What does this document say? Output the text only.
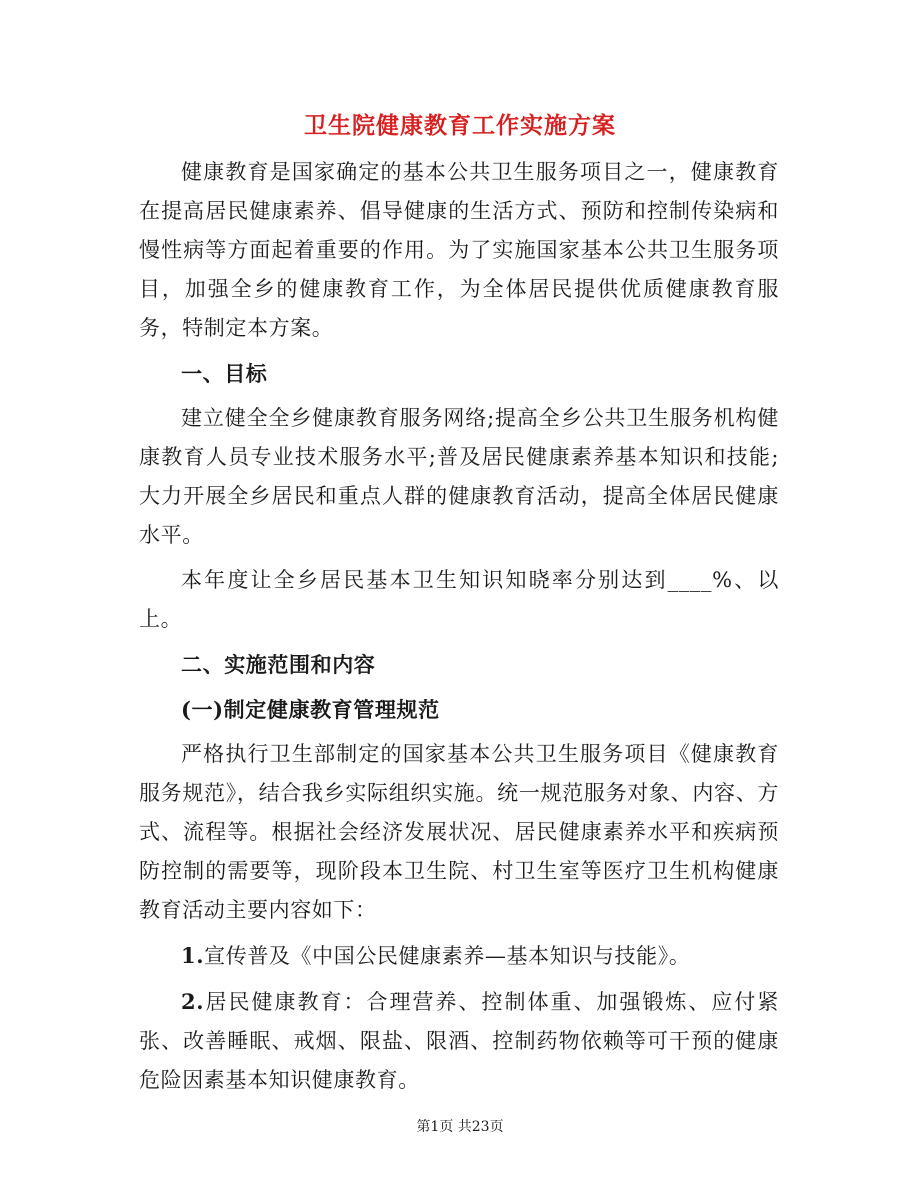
卫生院健康教育工作实施方案

健康教育是国家确定的基本公共卫生服务项目之一，健康教育在提高居民健康素养、倡导健康的生活方式、预防和控制传染病和慢性病等方面起着重要的作用。为了实施国家基本公共卫生服务项目，加强全乡的健康教育工作，为全体居民提供优质健康教育服务，特制定本方案。

一、目标

建立健全全乡健康教育服务网络;提高全乡公共卫生服务机构健康教育人员专业技术服务水平;普及居民健康素养基本知识和技能;大力开展全乡居民和重点人群的健康教育活动，提高全体居民健康水平。

本年度让全乡居民基本卫生知识知晓率分别达到____%、以上。

二、实施范围和内容

(一)制定健康教育管理规范

严格执行卫生部制定的国家基本公共卫生服务项目《健康教育服务规范》，结合我乡实际组织实施。统一规范服务对象、内容、方式、流程等。根据社会经济发展状况、居民健康素养水平和疾病预防控制的需要等，现阶段本卫生院、村卫生室等医疗卫生机构健康教育活动主要内容如下：

1.宣传普及《中国公民健康素养—基本知识与技能》。

2.居民健康教育：合理营养、控制体重、加强锻炼、应付紧张、改善睡眠、戒烟、限盐、限酒、控制药物依赖等可干预的健康危险因素基本知识健康教育。

第1页 共23页
